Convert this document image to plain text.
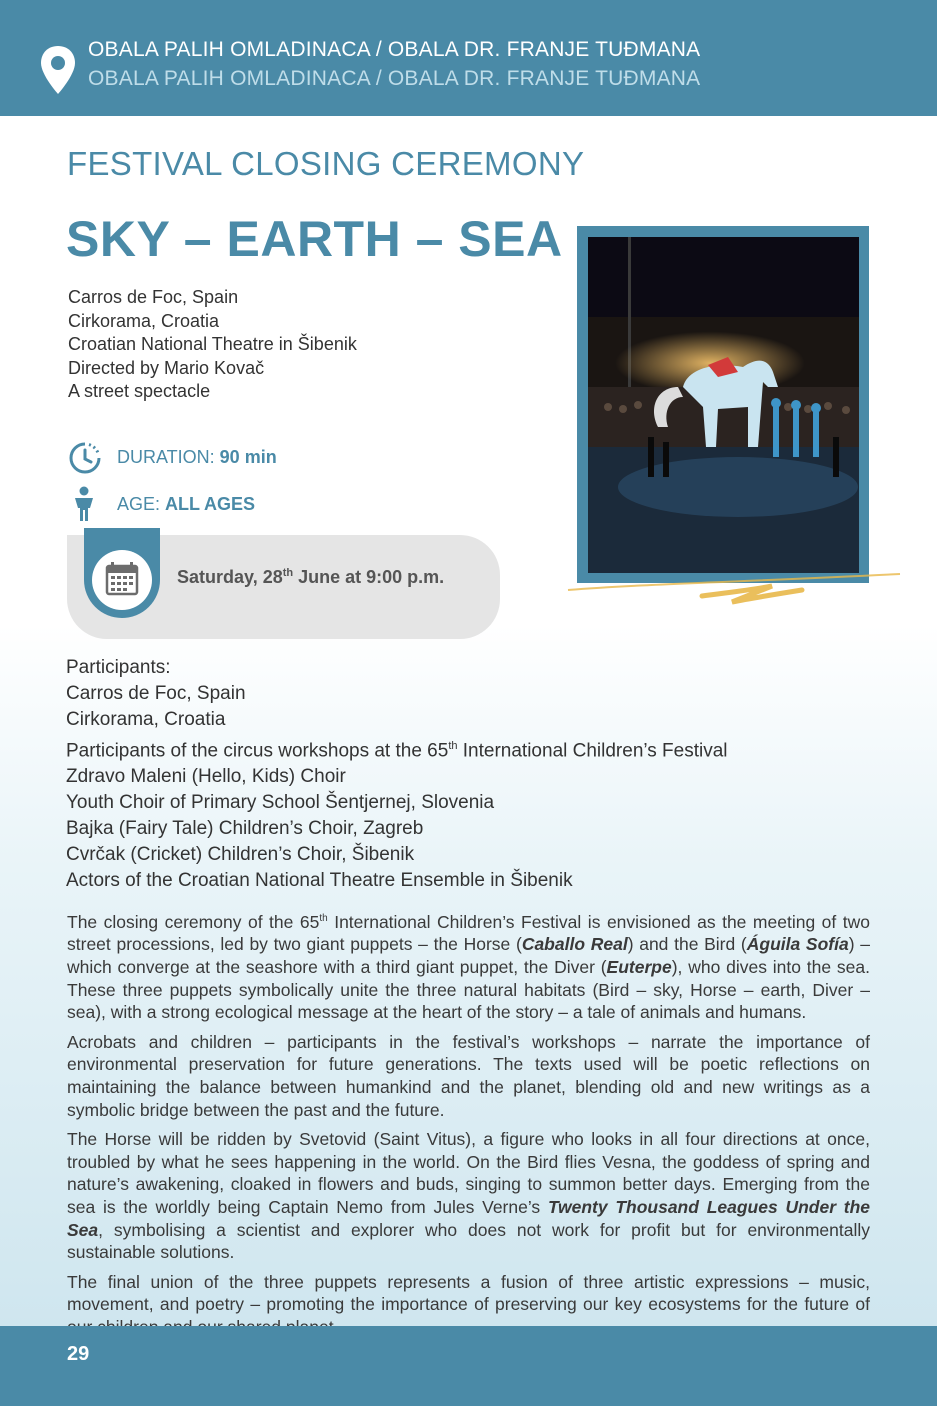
OBALA PALIH OMLADINACA / OBALA DR. FRANJE TUĐMANA
OBALA PALIH OMLADINACA / OBALA DR. FRANJE TUĐMANA
FESTIVAL CLOSING CEREMONY
SKY – EARTH – SEA
Carros de Foc, Spain
Cirkorama, Croatia
Croatian National Theatre in Šibenik
Directed by Mario Kovač
A street spectacle
DURATION: 90 min
AGE: ALL AGES
Saturday, 28th June at 9:00 p.m.
Participants:
Carros de Foc, Spain
Cirkorama, Croatia
Participants of the circus workshops at the 65th International Children’s Festival
Zdravo Maleni (Hello, Kids) Choir
Youth Choir of Primary School Šentjernej, Slovenia
Bajka (Fairy Tale) Children’s Choir, Zagreb
Cvrčak (Cricket) Children’s Choir, Šibenik
Actors of the Croatian National Theatre Ensemble in Šibenik

The closing ceremony of the 65th International Children’s Festival is envisioned as the meeting of two street processions, led by two giant puppets – the Horse (Caballo Real) and the Bird (Águila Sofía) – which converge at the seashore with a third giant puppet, the Diver (Euterpe), who dives into the sea. These three puppets symbolically unite the three natural habitats (Bird – sky, Horse – earth, Diver – sea), with a strong ecological message at the heart of the story – a tale of animals and humans.

Acrobats and children – participants in the festival’s workshops – narrate the importance of environmental preservation for future generations. The texts used will be poetic reflections on maintaining the balance between humankind and the planet, blending old and new writings as a symbolic bridge between the past and the future.

The Horse will be ridden by Svetovid (Saint Vitus), a figure who looks in all four directions at once, troubled by what he sees happening in the world. On the Bird flies Vesna, the goddess of spring and nature’s awakening, cloaked in flowers and buds, singing to summon better days. Emerging from the sea is the worldly being Captain Nemo from Jules Verne’s Twenty Thousand Leagues Under the Sea, symbolising a scientist and explorer who does not work for profit but for environmentally sustainable solutions.

The final union of the three puppets represents a fusion of three artistic expressions – music, movement, and poetry – promoting the importance of preserving our key ecosystems for the future of

29
